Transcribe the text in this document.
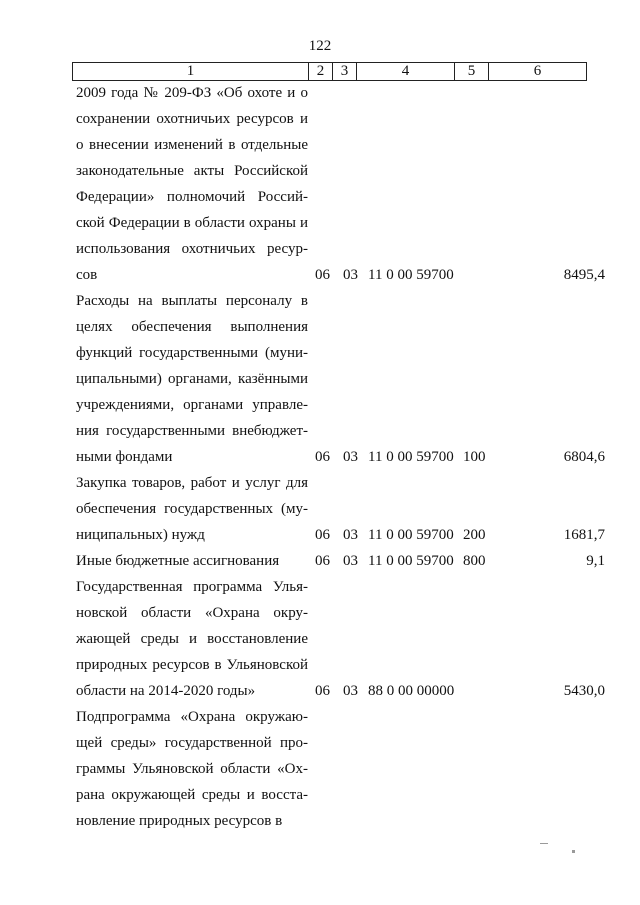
122
1	2	3	4	5	6
2009 года № 209-ФЗ «Об охоте и о
сохранении охотничьих ресурсов и
о внесении изменений в отдельные
законодательные акты Российской
Федерации» полномочий Россий-
ской Федерации в области охраны и
использования охотничьих ресур-
сов	06 03 11 0 00 59700	8495,4
Расходы на выплаты персоналу в
целях обеспечения выполнения
функций государственными (муни-
ципальными) органами, казёнными
учреждениями, органами управле-
ния государственными внебюджет-
ными фондами	06 03 11 0 00 59700 100	6804,6
Закупка товаров, работ и услуг для
обеспечения государственных (му-
ниципальных) нужд	06 03 11 0 00 59700 200	1681,7
Иные бюджетные ассигнования	06 03 11 0 00 59700 800	9,1
Государственная программа Улья-
новской области «Охрана окру-
жающей среды и восстановление
природных ресурсов в Ульяновской
области на 2014-2020 годы»	06 03 88 0 00 00000	5430,0
Подпрограмма «Охрана окружаю-
щей среды» государственной про-
граммы Ульяновской области «Ох-
рана окружающей среды и восста-
новление природных ресурсов в
